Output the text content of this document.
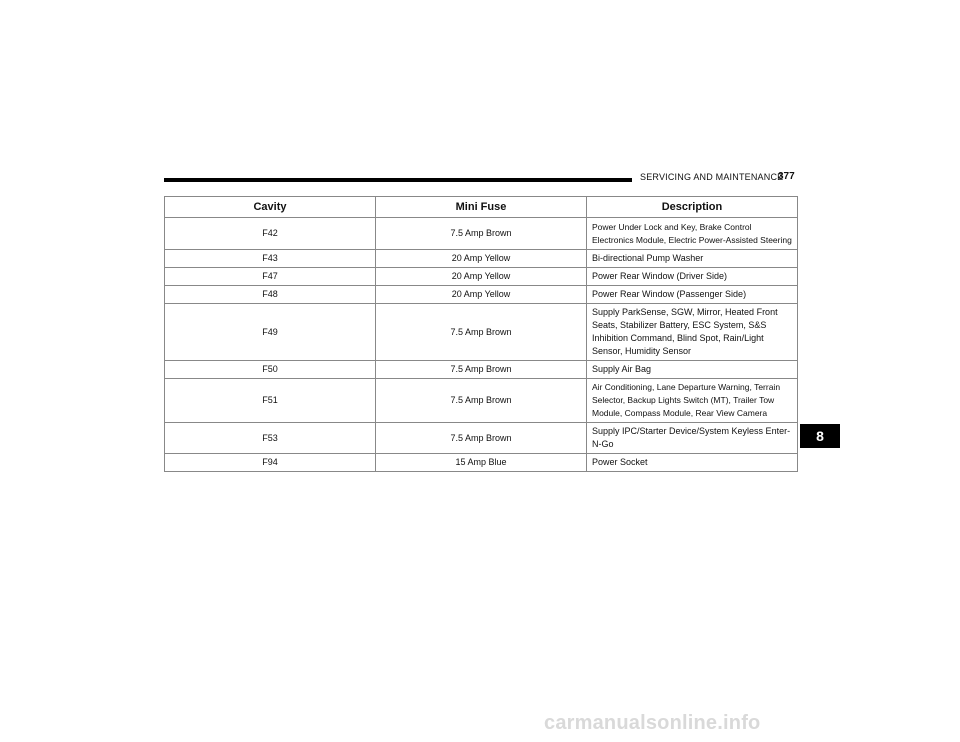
SERVICING AND MAINTENANCE
377
Cavity	Mini Fuse	Description
F42	7.5 Amp Brown	Power Under Lock and Key, Brake Control Electronics Module, Electric Power-Assisted Steering
F43	20 Amp Yellow	Bi-directional Pump Washer
F47	20 Amp Yellow	Power Rear Window (Driver Side)
F48	20 Amp Yellow	Power Rear Window (Passenger Side)
F49	7.5 Amp Brown	Supply ParkSense, SGW, Mirror, Heated Front Seats, Stabilizer Battery, ESC System, S&S Inhibition Command, Blind Spot, Rain/Light Sensor, Humidity Sensor
F50	7.5 Amp Brown	Supply Air Bag
F51	7.5 Amp Brown	Air Conditioning, Lane Departure Warning, Terrain Selector, Backup Lights Switch (MT), Trailer Tow Module, Compass Module, Rear View Camera
F53	7.5 Amp Brown	Supply IPC/Starter Device/System Keyless Enter-N-Go
F94	15 Amp Blue	Power Socket
8
carmanualsonline.info
